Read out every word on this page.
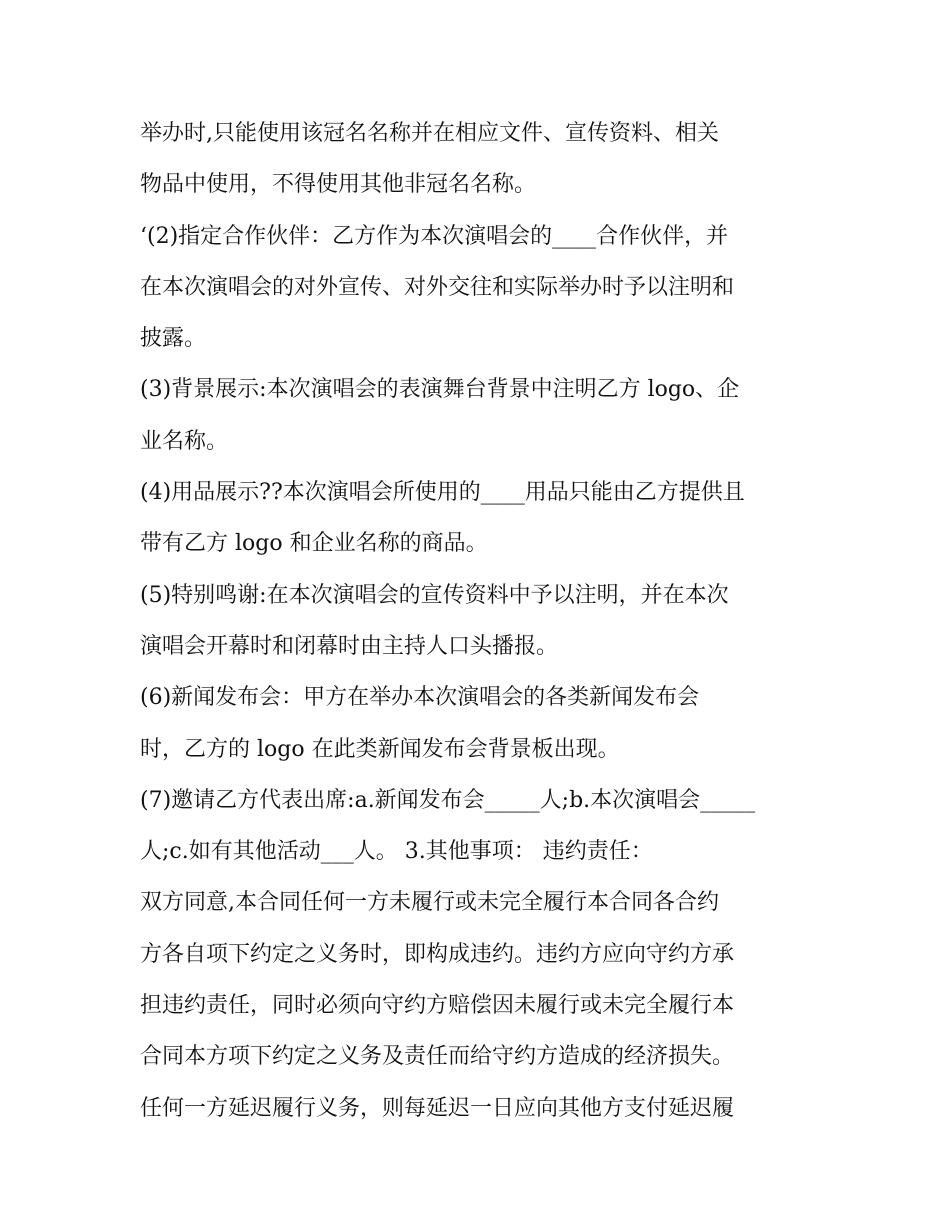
举办时,只能使用该冠名名称并在相应文件、宣传资料、相关
物品中使用，不得使用其他非冠名名称。
‘(2)指定合作伙伴：乙方作为本次演唱会的____合作伙伴，并
在本次演唱会的对外宣传、对外交往和实际举办时予以注明和
披露。
(3)背景展示:本次演唱会的表演舞台背景中注明乙方 logo、企
业名称。
(4)用品展示??本次演唱会所使用的____用品只能由乙方提供且
带有乙方 logo 和企业名称的商品。
(5)特别鸣谢:在本次演唱会的宣传资料中予以注明，并在本次
演唱会开幕时和闭幕时由主持人口头播报。
(6)新闻发布会：甲方在举办本次演唱会的各类新闻发布会
时，乙方的 logo 在此类新闻发布会背景板出现。
(7)邀请乙方代表出席:a.新闻发布会_____人;b.本次演唱会_____
人;c.如有其他活动___人。 3.其他事项： 违约责任：
双方同意,本合同任何一方未履行或未完全履行本合同各合约
方各自项下约定之义务时，即构成违约。违约方应向守约方承
担违约责任，同时必须向守约方赔偿因未履行或未完全履行本
合同本方项下约定之义务及责任而给守约方造成的经济损失。
任何一方延迟履行义务，则每延迟一日应向其他方支付延迟履
